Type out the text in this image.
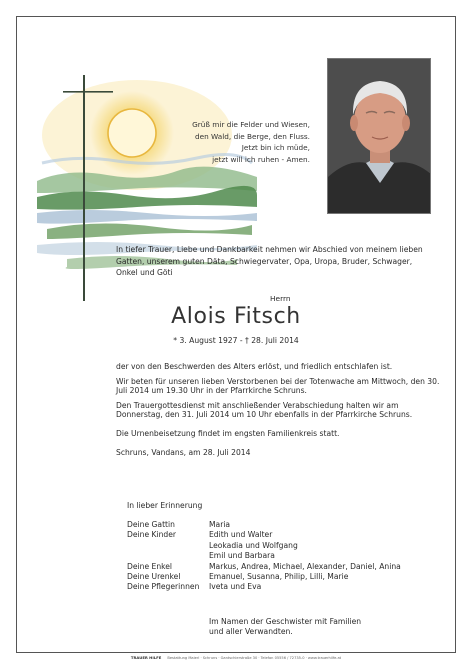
Grüß mir die Felder und Wiesen,
den Wald, die Berge, den Fluss.
Jetzt bin ich müde,
jetzt will ich ruhen - Amen.
In tiefer Trauer, Liebe und Dankbarkeit nehmen wir Abschied von meinem lieben Gatten, unserem guten Däta, Schwiegervater, Opa, Uropa, Bruder, Schwager, Onkel und Göti
Herrn
Alois Fitsch
* 3. August 1927 - † 28. Juli 2014

der von den Beschwerden des Alters erlöst, und friedlich entschlafen ist.

Wir beten für unseren lieben Verstorbenen bei der Totenwache am Mittwoch, den 30. Juli 2014 um 19.30 Uhr in der Pfarrkirche Schruns.

Den Trauergottesdienst mit anschließender Verabschiedung halten wir am Donnerstag, den 31. Juli 2014 um 10 Uhr ebenfalls in der Pfarrkirche Schruns.

Die Urnenbeisetzung findet im engsten Familienkreis statt.

Schruns, Vandans, am 28. Juli 2014

In lieber Erinnerung
Deine Gattin	Maria
Deine Kinder	Edith und Walter
Leokadia und Wolfgang
Emil und Barbara
Deine Enkel	Markus, Andrea, Michael, Alexander, Daniel, Anina
Deine Urenkel	Emanuel, Susanna, Philip, Lilli, Marie
Deine Pflegerinnen	Iveta und Eva
Im Namen der Geschwister mit Familien
und aller Verwandten.
TRAUER HILFE Bestattung Maierl · Schruns · Gantschierstraße 30 · Telefon 05556 / 72735-0 · www.trauerhilfe.at
